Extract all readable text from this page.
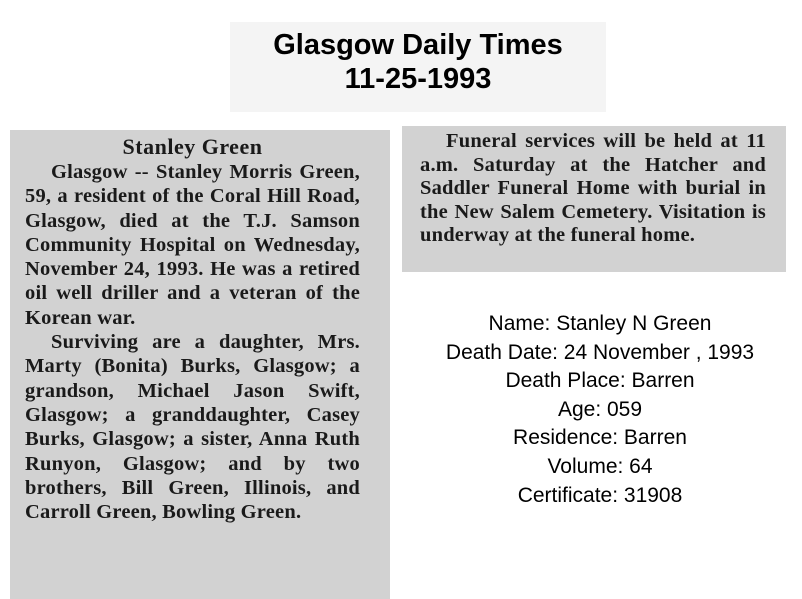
Glasgow Daily Times
11-25-1993
Stanley Green

Glasgow -- Stanley Morris Green, 59, a resident of the Coral Hill Road, Glasgow, died at the T.J. Samson Community Hospital on Wednesday, November 24, 1993. He was a retired oil well driller and a veteran of the Korean war.

Surviving are a daughter, Mrs. Marty (Bonita) Burks, Glasgow; a grandson, Michael Jason Swift, Glasgow; a granddaughter, Casey Burks, Glasgow; a sister, Anna Ruth Runyon, Glasgow; and by two brothers, Bill Green, Illinois, and Carroll Green, Bowling Green.

Funeral services will be held at 11 a.m. Saturday at the Hatcher and Saddler Funeral Home with burial in the New Salem Cemetery. Visitation is underway at the funeral home.

Name: Stanley N Green
Death Date: 24 November , 1993
Death Place: Barren
Age: 059
Residence: Barren
Volume: 64
Certificate: 31908
